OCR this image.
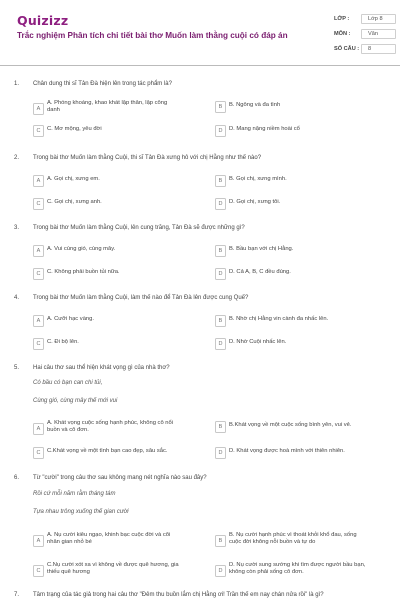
Quizizz
Trắc nghiệm Phân tích chi tiết bài thơ Muốn làm thằng cuội có đáp án
LỚP :	Lớp 8
MÔN :	Văn
SỐ CÂU : 8
1. Chân dung thi sĩ Tản Đà hiện lên trong tác phẩm là?
A
A. Phóng khoáng, khao khát lập thân, lập công
danh
B	B. Ngông và đa tình
C	C. Mơ mộng, yêu đời	D	D. Mang nặng niềm hoài cổ
2. Trong bài thơ Muốn làm thằng Cuội, thi sĩ Tản Đà xưng hô với chị Hằng như thế nào?
A	A. Gọi chị, xưng em.	B	B. Gọi chị, xưng mình.
C	C. Gọi chị, xưng anh.	D	D. Gọi chị, xưng tôi.
3. Trong bài thơ Muốn làm thằng Cuội, lên cung trăng, Tản Đà sẽ được những gì?
A	A. Vui cùng gió, cùng mây.	B	B. Bầu bạn với chị Hằng.
C	C. Không phải buồn tủi nữa.	D	D. Cả A, B, C đều đúng.
4. Trong bài thơ Muốn làm thằng Cuội, làm thế nào để Tản Đà lên được cung Quế?
A	A. Cưỡi hạc vàng.	B	B. Nhờ chị Hằng vin cành đa nhấc lên.
C	C. Đi bộ lên.	D	D. Nhờ Cuội nhấc lên.
5. Hai câu thơ sau thể hiện khát vọng gì của nhà thơ?
Có bầu có bạn can chi tủi,
Cùng gió, cùng mây thế mới vui
A
A. Khát vọng cuộc sống hạnh phúc, không cô nổi
buồn và cô đơn.
B	B.Khát vọng về một cuộc sống bình yên, vui vẻ.
C	C.Khát vọng về một tình bạn cao đẹp, sâu sắc.	D	D. Khát vọng được hoà mình với thiên nhiên.
6. Từ "cười" trong câu thơ sau không mang nét nghĩa nào sau đây?
Rồi cứ mỗi năm rằm tháng tám
Tựa nhau trông xuống thế gian cười
A
A. Nụ cười kiêu ngạo, khinh bạc cuộc đời và cõi
nhân gian nhỏ bé	B
B. Nụ cười hạnh phúc vì thoát khỏi khổ đau, sống
cuộc đời không nỗi buồn và tự do
C
C.Nụ cười xót xa vì không về được quê hương, gia
thiếu quê hương	D
D. Nụ cười sung sướng khi tìm được người bầu bạn,
không còn phải sống cô đơn.
7. Tâm trạng của tác giả trong hai câu thơ "Đêm thu buồn lắm chị Hằng ơi! Trần thế em nay chán nửa rồi" là gì?
